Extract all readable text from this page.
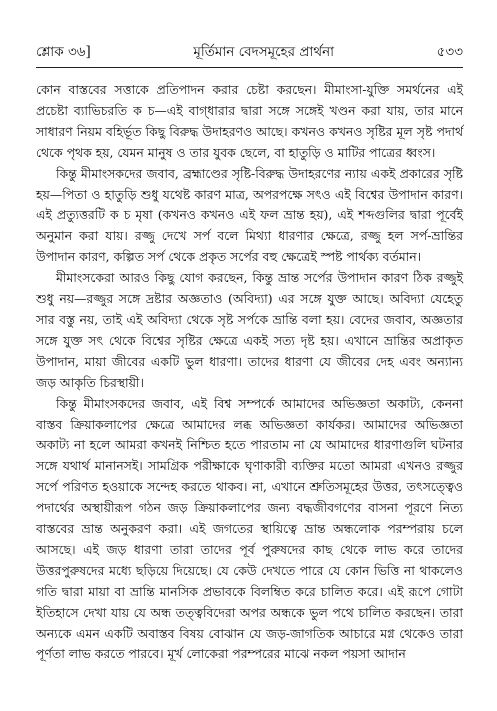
শ্লোক ৩৬]	মূর্তিমান বেদসমূহের প্রার্থনা	৫৩৩

কোন বাস্তবের সত্তাকে প্রতিপাদন করার চেষ্টা করছেন। মীমাংসা-যুক্তি সমর্থনের এই প্রচেষ্টা ব্যাভিচরতি ক চ—এই বাগ্‌ধারার দ্বারা সঙ্গে সঙ্গেই খণ্ডন করা যায়, তার মানে সাধারণ নিয়ম বহির্ভূত কিছু বিরুদ্ধ উদাহরণও আছে। কখনও কখনও সৃষ্টির মূল সৃষ্ট পদার্থ থেকে পৃথক হয়, যেমন মানুষ ও তার যুবক ছেলে, বা হাতুড়ি ও মাটির পাত্রের ধ্বংস।

কিন্তু মীমাংসকদের জবাব, ব্রহ্মাণ্ডের সৃষ্টি-বিরুদ্ধ উদাহরণের ন্যায় একই প্রকারের সৃষ্টি হয়—পিতা ও হাতুড়ি শুধু যথেষ্ট কারণ মাত্র, অপরপক্ষে সৎও এই বিশ্বের উপাদান কারণ। এই প্রত্যুত্তরটি ক চ মৃষা (কখনও কখনও এই ফল ভ্রান্ত হয়), এই শব্দগুলির দ্বারা পূর্বেই অনুমান করা যায়। রজ্জু দেখে সর্প বলে মিথ্যা ধারণার ক্ষেত্রে, রজ্জু হল সর্প-ভ্রান্তির উপাদান কারণ, কল্পিত সর্প থেকে প্রকৃত সর্পের বহু ক্ষেত্রেই স্পষ্ট পার্থক্য বর্তমান।

মীমাংসকেরা আরও কিছু যোগ করছেন, কিন্তু ভ্রান্ত সর্পের উপাদান কারণ ঠিক রজ্জুই শুধু নয়—রজ্জুর সঙ্গে দ্রষ্টার অজ্ঞতাও (অবিদ্যা) এর সঙ্গে যুক্ত আছে। অবিদ্যা যেহেতু সার বস্তু নয়, তাই এই অবিদ্যা থেকে সৃষ্ট সর্পকে ভ্রান্তি বলা হয়। বেদের জবাব, অজ্ঞতার সঙ্গে যুক্ত সৎ থেকে বিশ্বের সৃষ্টির ক্ষেত্রে একই সত্য দৃষ্ট হয়। এখানে ভ্রান্তির অপ্রাকৃত উপাদান, মায়া জীবের একটি ভুল ধারণা। তাদের ধারণা যে জীবের দেহ এবং অন্যান্য জড় আকৃতি চিরস্থায়ী।

কিন্তু মীমাংসকদের জবাব, এই বিশ্ব সম্পর্কে আমাদের অভিজ্ঞতা অকাট্য, কেননা বাস্তব ক্রিয়াকলাপের ক্ষেত্রে আমাদের লব্ধ অভিজ্ঞতা কার্যকর। আমাদের অভিজ্ঞতা অকাট্য না হলে আমরা কখনই নিশ্চিত হতে পারতাম না যে আমাদের ধারণাগুলি ঘটনার সঙ্গে যথার্থ মানানসই। সামগ্রিক পরীক্ষাকে ঘৃণাকারী ব্যক্তির মতো আমরা এখনও রজ্জুর সর্পে পরিণত হওয়াকে সন্দেহ করতে থাকব। না, এখানে শ্রুতিসমূহের উত্তর, তৎসত্ত্বেও পদার্থের অস্থায়ীরূপ গঠন জড় ক্রিয়াকলাপের জন্য বদ্ধজীবগণের বাসনা পূরণে নিত্য বাস্তবের ভ্রান্ত অনুকরণ করা। এই জগতের স্থায়িত্বে ভ্রান্ত অন্ধলোক পরম্পরায় চলে আসছে। এই জড় ধারণা তারা তাদের পূর্ব পুরুষদের কাছ থেকে লাভ করে তাদের উত্তরপুরুষদের মধ্যে ছড়িয়ে দিয়েছে। যে কেউ দেখতে পারে যে কোন ভিত্তি না থাকলেও গতি দ্বারা মায়া বা ভ্রান্তি মানসিক প্রভাবকে বিলম্বিত করে চালিত করে। এই রূপে গোটা ইতিহাসে দেখা যায় যে অন্ধ তত্ত্ববিদেরা অপর অন্ধকে ভুল পথে চালিত করছেন। তারা অন্যকে এমন একটি অবাস্তব বিষয় বোঝান যে জড়-জাগতিক আচারে মগ্ন থেকেও তারা পূর্ণতা লাভ করতে পারবে। মূর্খ লোকেরা পরম্পরের মাঝে নকল পয়সা আদান
